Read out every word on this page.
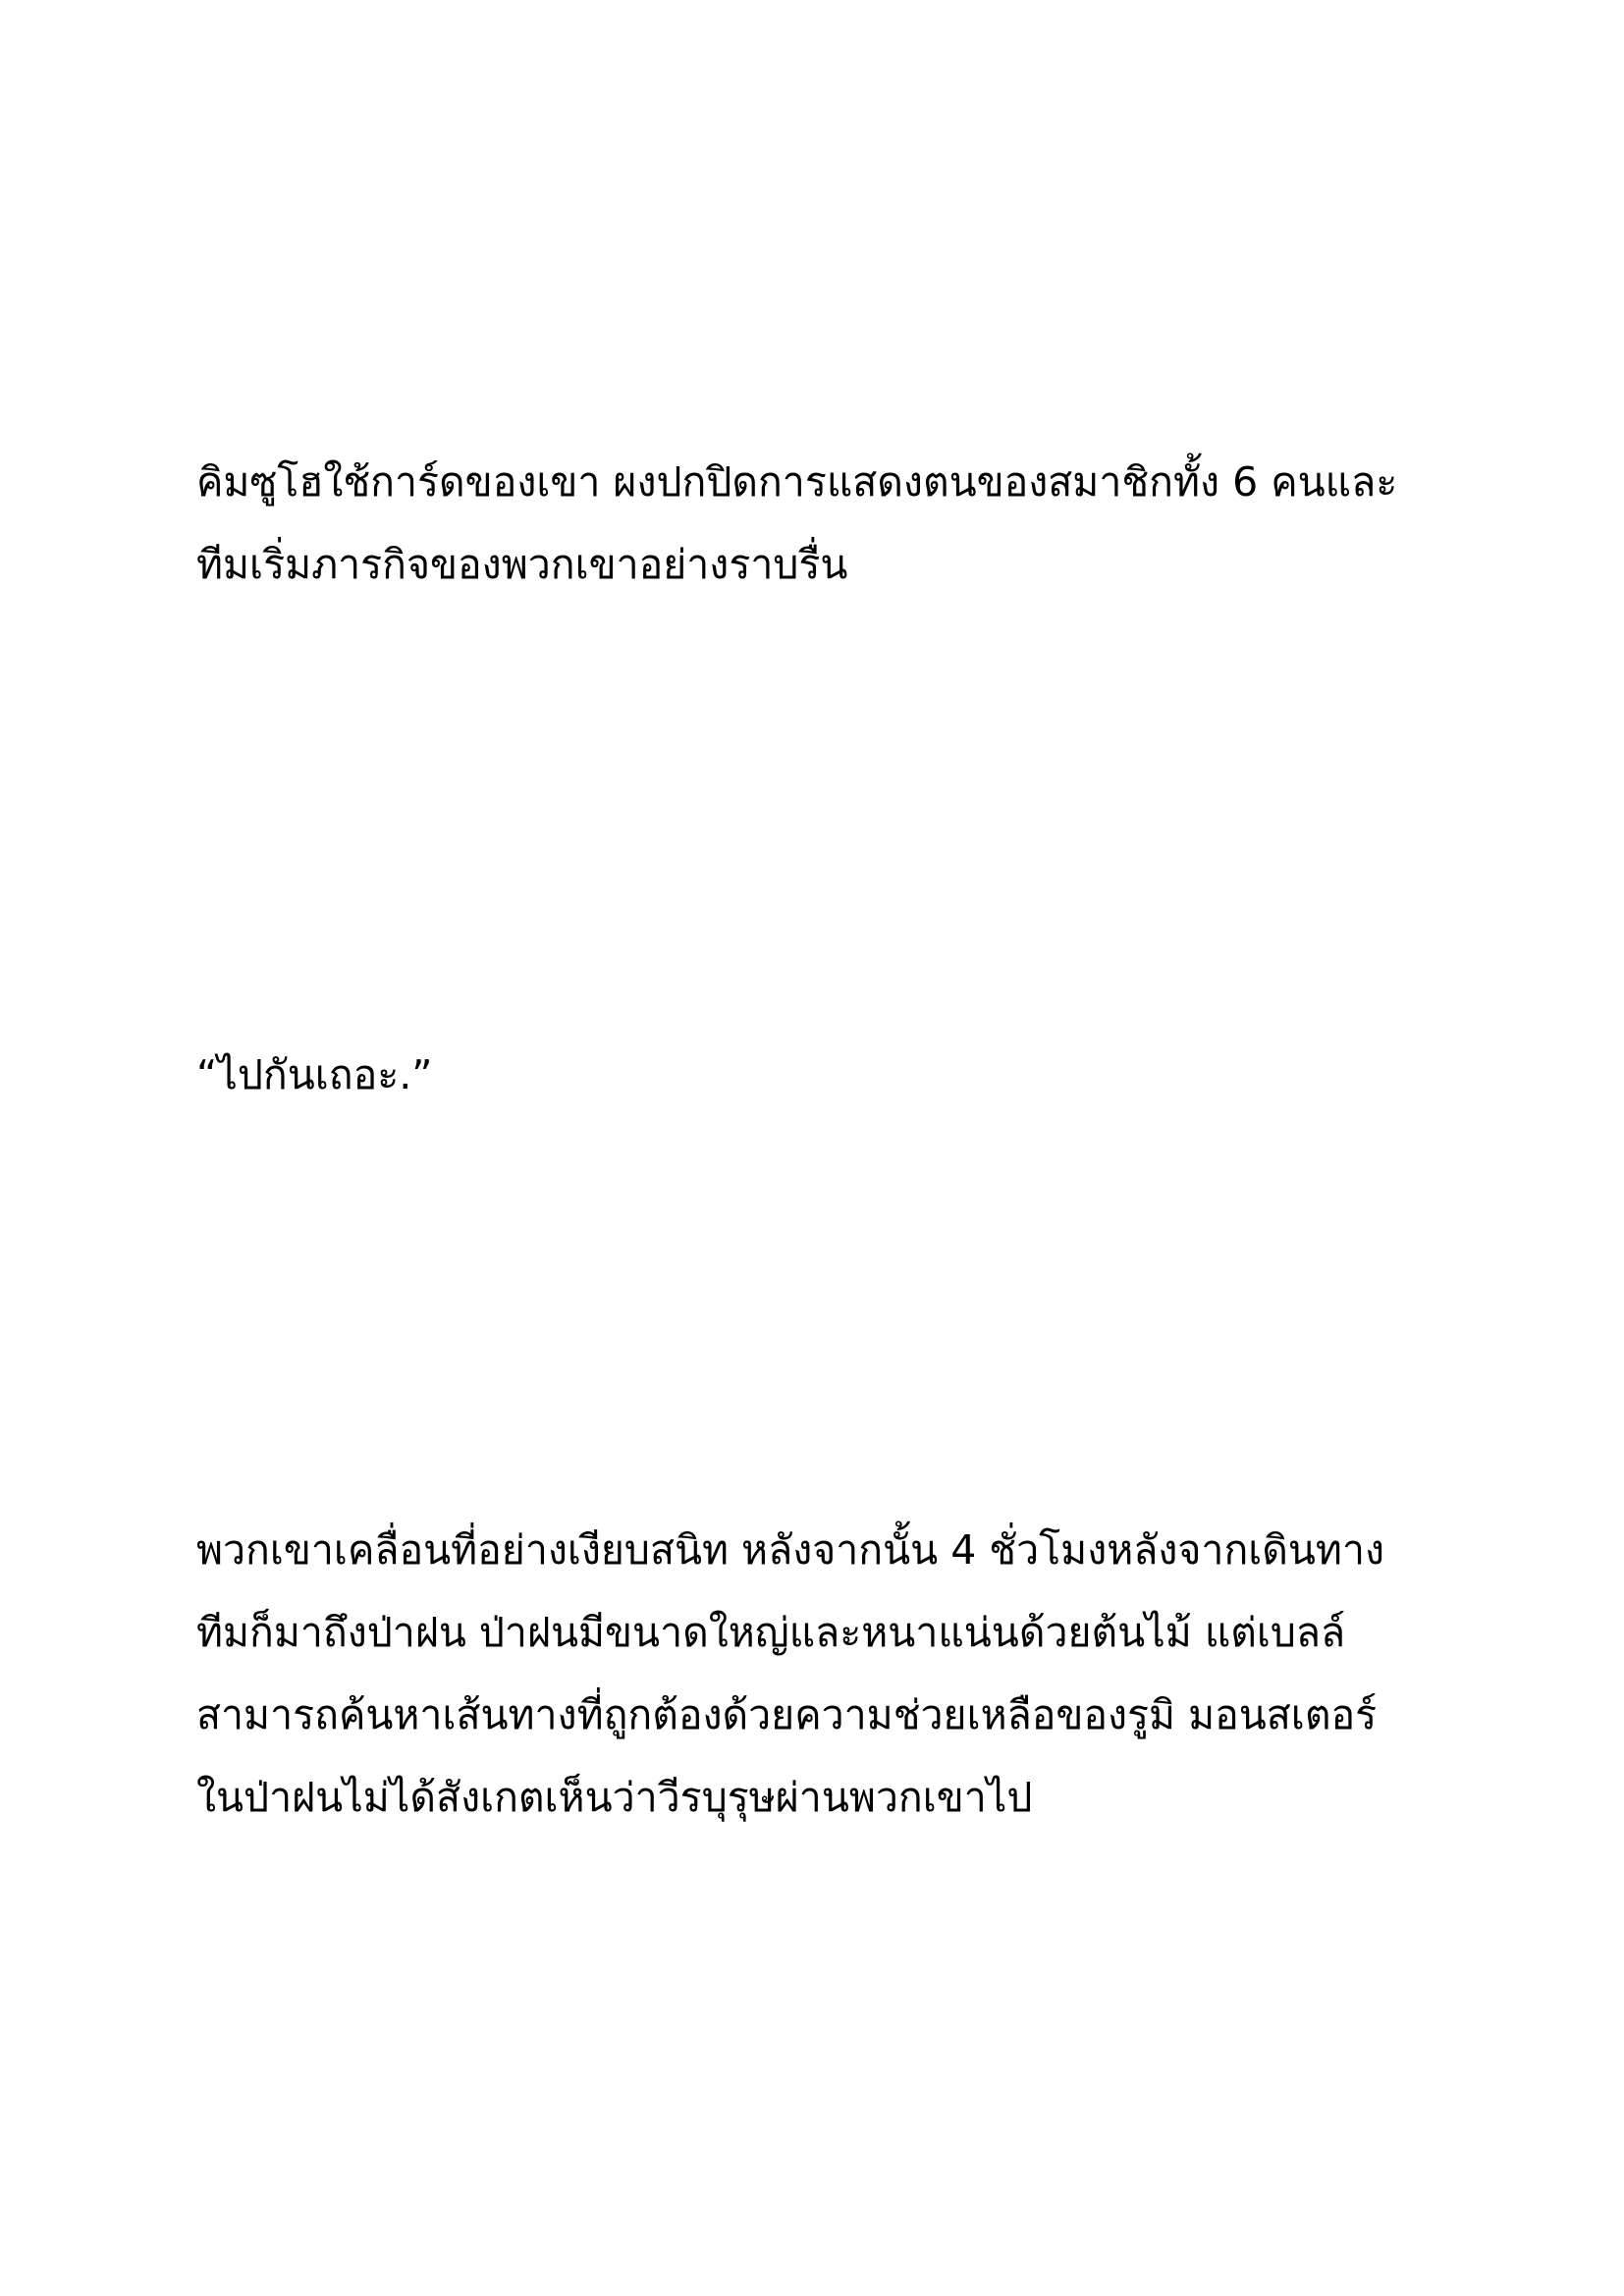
คิมซูโฮใช้การ์ดของเขา ผงปกปิดการแสดงตนของสมาชิกทั้ง 6 คนและ
ทีมเริ่มภารกิจของพวกเขาอย่างราบรื่น

“ไปกันเถอะ.”

พวกเขาเคลื่อนที่อย่างเงียบสนิท หลังจากนั้น 4 ชั่วโมงหลังจากเดินทาง
ทีมก็มาถึงป่าฝน ป่าฝนมีขนาดใหญ่และหนาแน่นด้วยต้นไม้ แต่เบลล์
สามารถค้นหาเส้นทางที่ถูกต้องด้วยความช่วยเหลือของรูมิ มอนสเตอร์
ในป่าฝนไม่ได้สังเกตเห็นว่าวีรบุรุษผ่านพวกเขาไป
